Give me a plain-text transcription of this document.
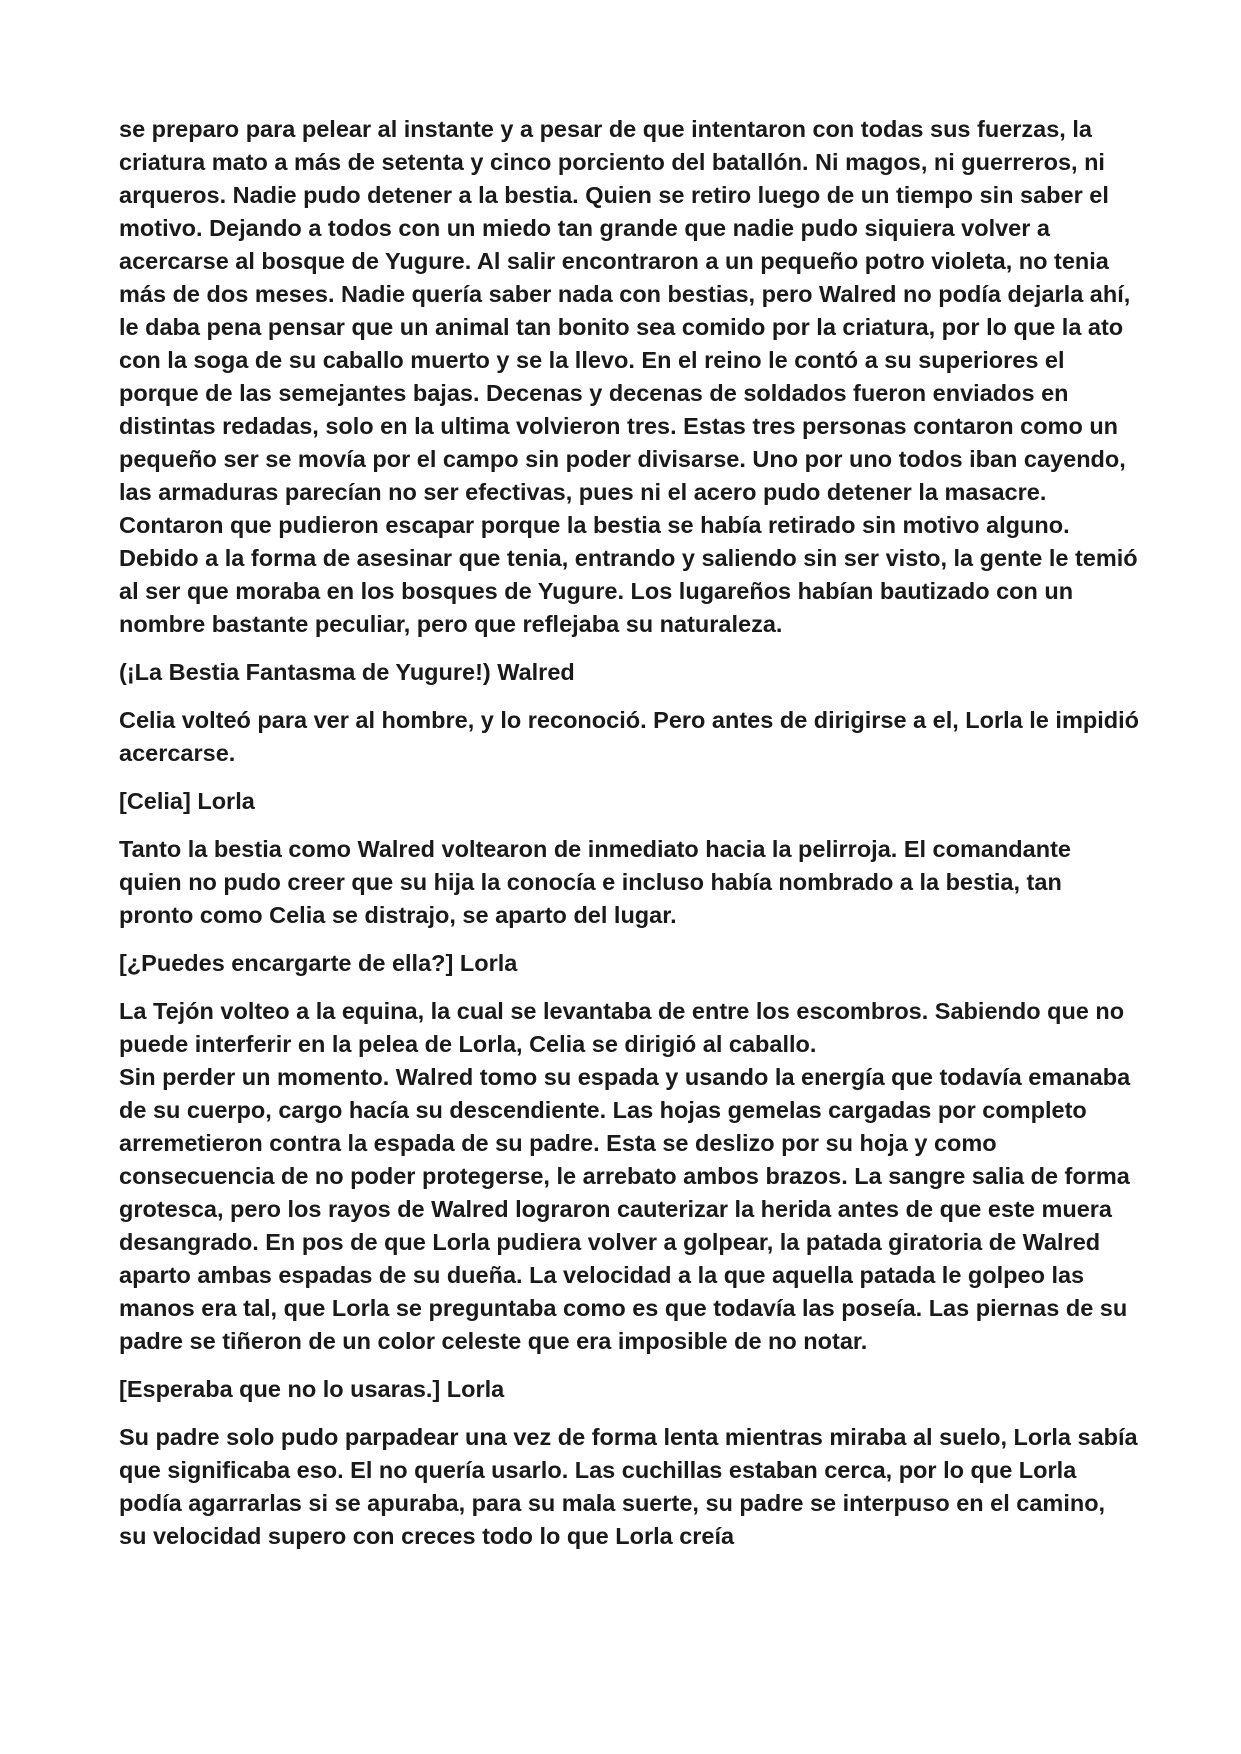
se preparo para pelear al instante y a pesar de que intentaron con todas sus fuerzas, la criatura mato a más de setenta y cinco porciento del batallón. Ni magos, ni guerreros, ni arqueros. Nadie pudo detener a la bestia. Quien se retiro luego de un tiempo sin saber el motivo. Dejando a todos con un miedo tan grande que nadie pudo siquiera volver a acercarse al bosque de Yugure. Al salir encontraron a un pequeño potro violeta, no tenia más de dos meses. Nadie quería saber nada con bestias, pero Walred no podía dejarla ahí, le daba pena pensar que un animal tan bonito sea comido por la criatura, por lo que la ato con la soga de su caballo muerto y se la llevo. En el reino le contó a su superiores el porque de las semejantes bajas. Decenas y decenas de soldados fueron enviados en distintas redadas, solo en la ultima volvieron tres. Estas tres personas contaron como un pequeño ser se movía por el campo sin poder divisarse. Uno por uno todos iban cayendo, las armaduras parecían no ser efectivas, pues ni el acero pudo detener la masacre. Contaron que pudieron escapar porque la bestia se había retirado sin motivo alguno. Debido a la forma de asesinar que tenia, entrando y saliendo sin ser visto, la gente le temió al ser que moraba en los bosques de Yugure. Los lugareños habían bautizado con un nombre bastante peculiar, pero que reflejaba su naturaleza.

(¡La Bestia Fantasma de Yugure!) Walred

Celia volteó para ver al hombre, y lo reconoció. Pero antes de dirigirse a el, Lorla le impidió acercarse.

[Celia] Lorla

Tanto la bestia como Walred voltearon de inmediato hacia la pelirroja. El comandante quien no pudo creer que su hija la conocía e incluso había nombrado a la bestia, tan pronto como Celia se distrajo, se aparto del lugar.

[¿Puedes encargarte de ella?] Lorla

La Tejón volteo a la equina, la cual se levantaba de entre los escombros. Sabiendo que no puede interferir en la pelea de Lorla, Celia se dirigió al caballo.

Sin perder un momento. Walred tomo su espada y usando la energía que todavía emanaba de su cuerpo, cargo hacía su descendiente. Las hojas gemelas cargadas por completo arremetieron contra la espada de su padre. Esta se deslizo por su hoja y como consecuencia de no poder protegerse, le arrebato ambos brazos. La sangre salia de forma grotesca, pero los rayos de Walred lograron cauterizar la herida antes de que este muera desangrado. En pos de que Lorla pudiera volver a golpear, la patada giratoria de Walred aparto ambas espadas de su dueña. La velocidad a la que aquella patada le golpeo las manos era tal, que Lorla se preguntaba como es que todavía las poseía. Las piernas de su padre se tiñeron de un color celeste que era imposible de no notar.

[Esperaba que no lo usaras.] Lorla

Su padre solo pudo parpadear una vez de forma lenta mientras miraba al suelo, Lorla sabía que significaba eso. El no quería usarlo. Las cuchillas estaban cerca, por lo que Lorla podía agarrarlas si se apuraba, para su mala suerte, su padre se interpuso en el camino, su velocidad supero con creces todo lo que Lorla creía
